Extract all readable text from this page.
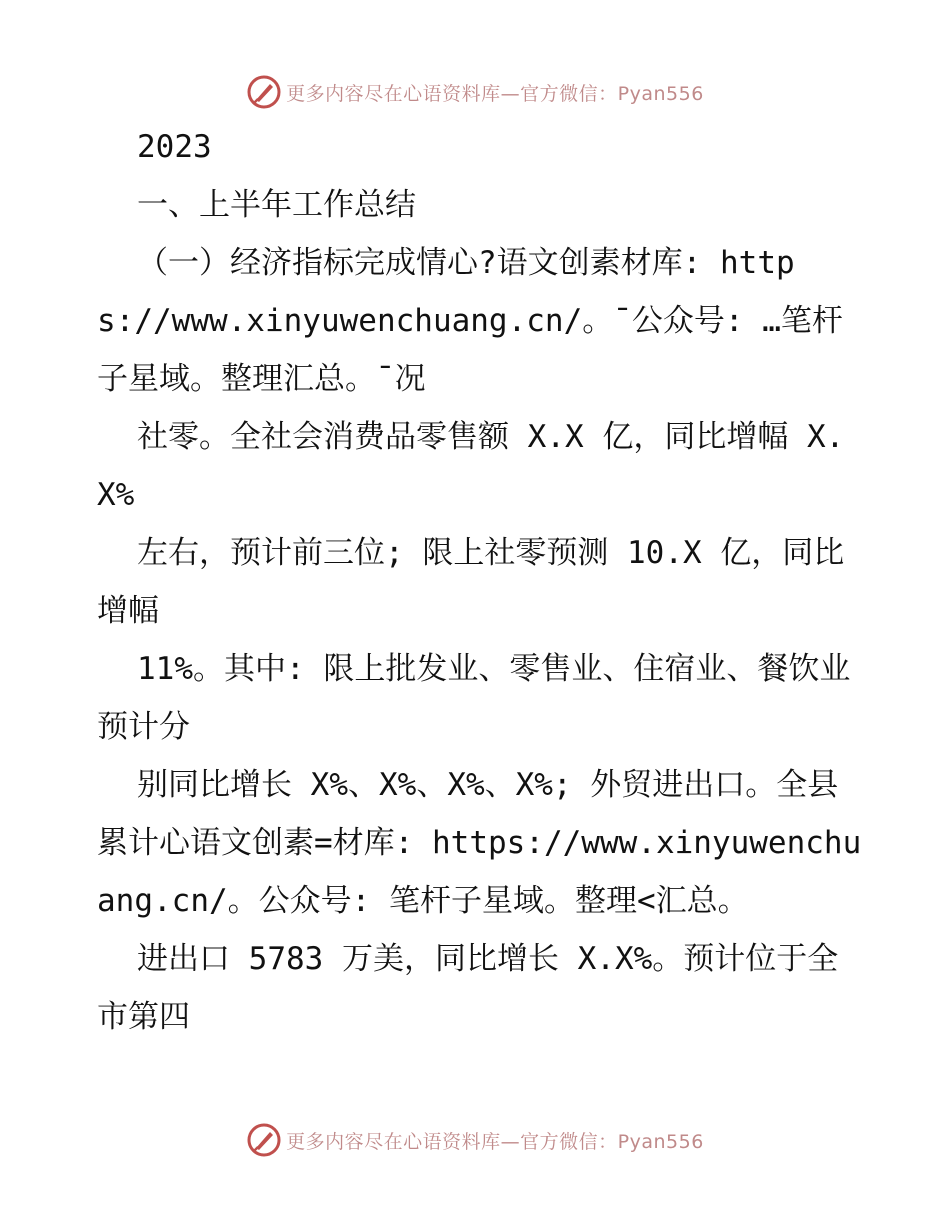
更多内容尽在心语资料库—官方微信：Pyan556

2023

一、上半年工作总结

（一）经济指标完成情心?语文创素材库: https://www.xinyuwenchuang.cn/。¯公众号: …笔杆子星域。整理汇总。¯况

社零。全社会消费品零售额 X.X 亿，同比增幅 X.X%

左右，预计前三位; 限上社零预测 10.X 亿，同比增幅

11%。其中: 限上批发业、零售业、住宿业、餐饮业预计分

别同比增长 X%、X%、X%、X%; 外贸进出口。全县累计心语文创素=材库: https://www.xinyuwenchuang.cn/。公众号: 笔杆子星域。整理<汇总。

进出口 5783 万美，同比增长 X.X%。预计位于全市第四

更多内容尽在心语资料库—官方微信：Pyan556
